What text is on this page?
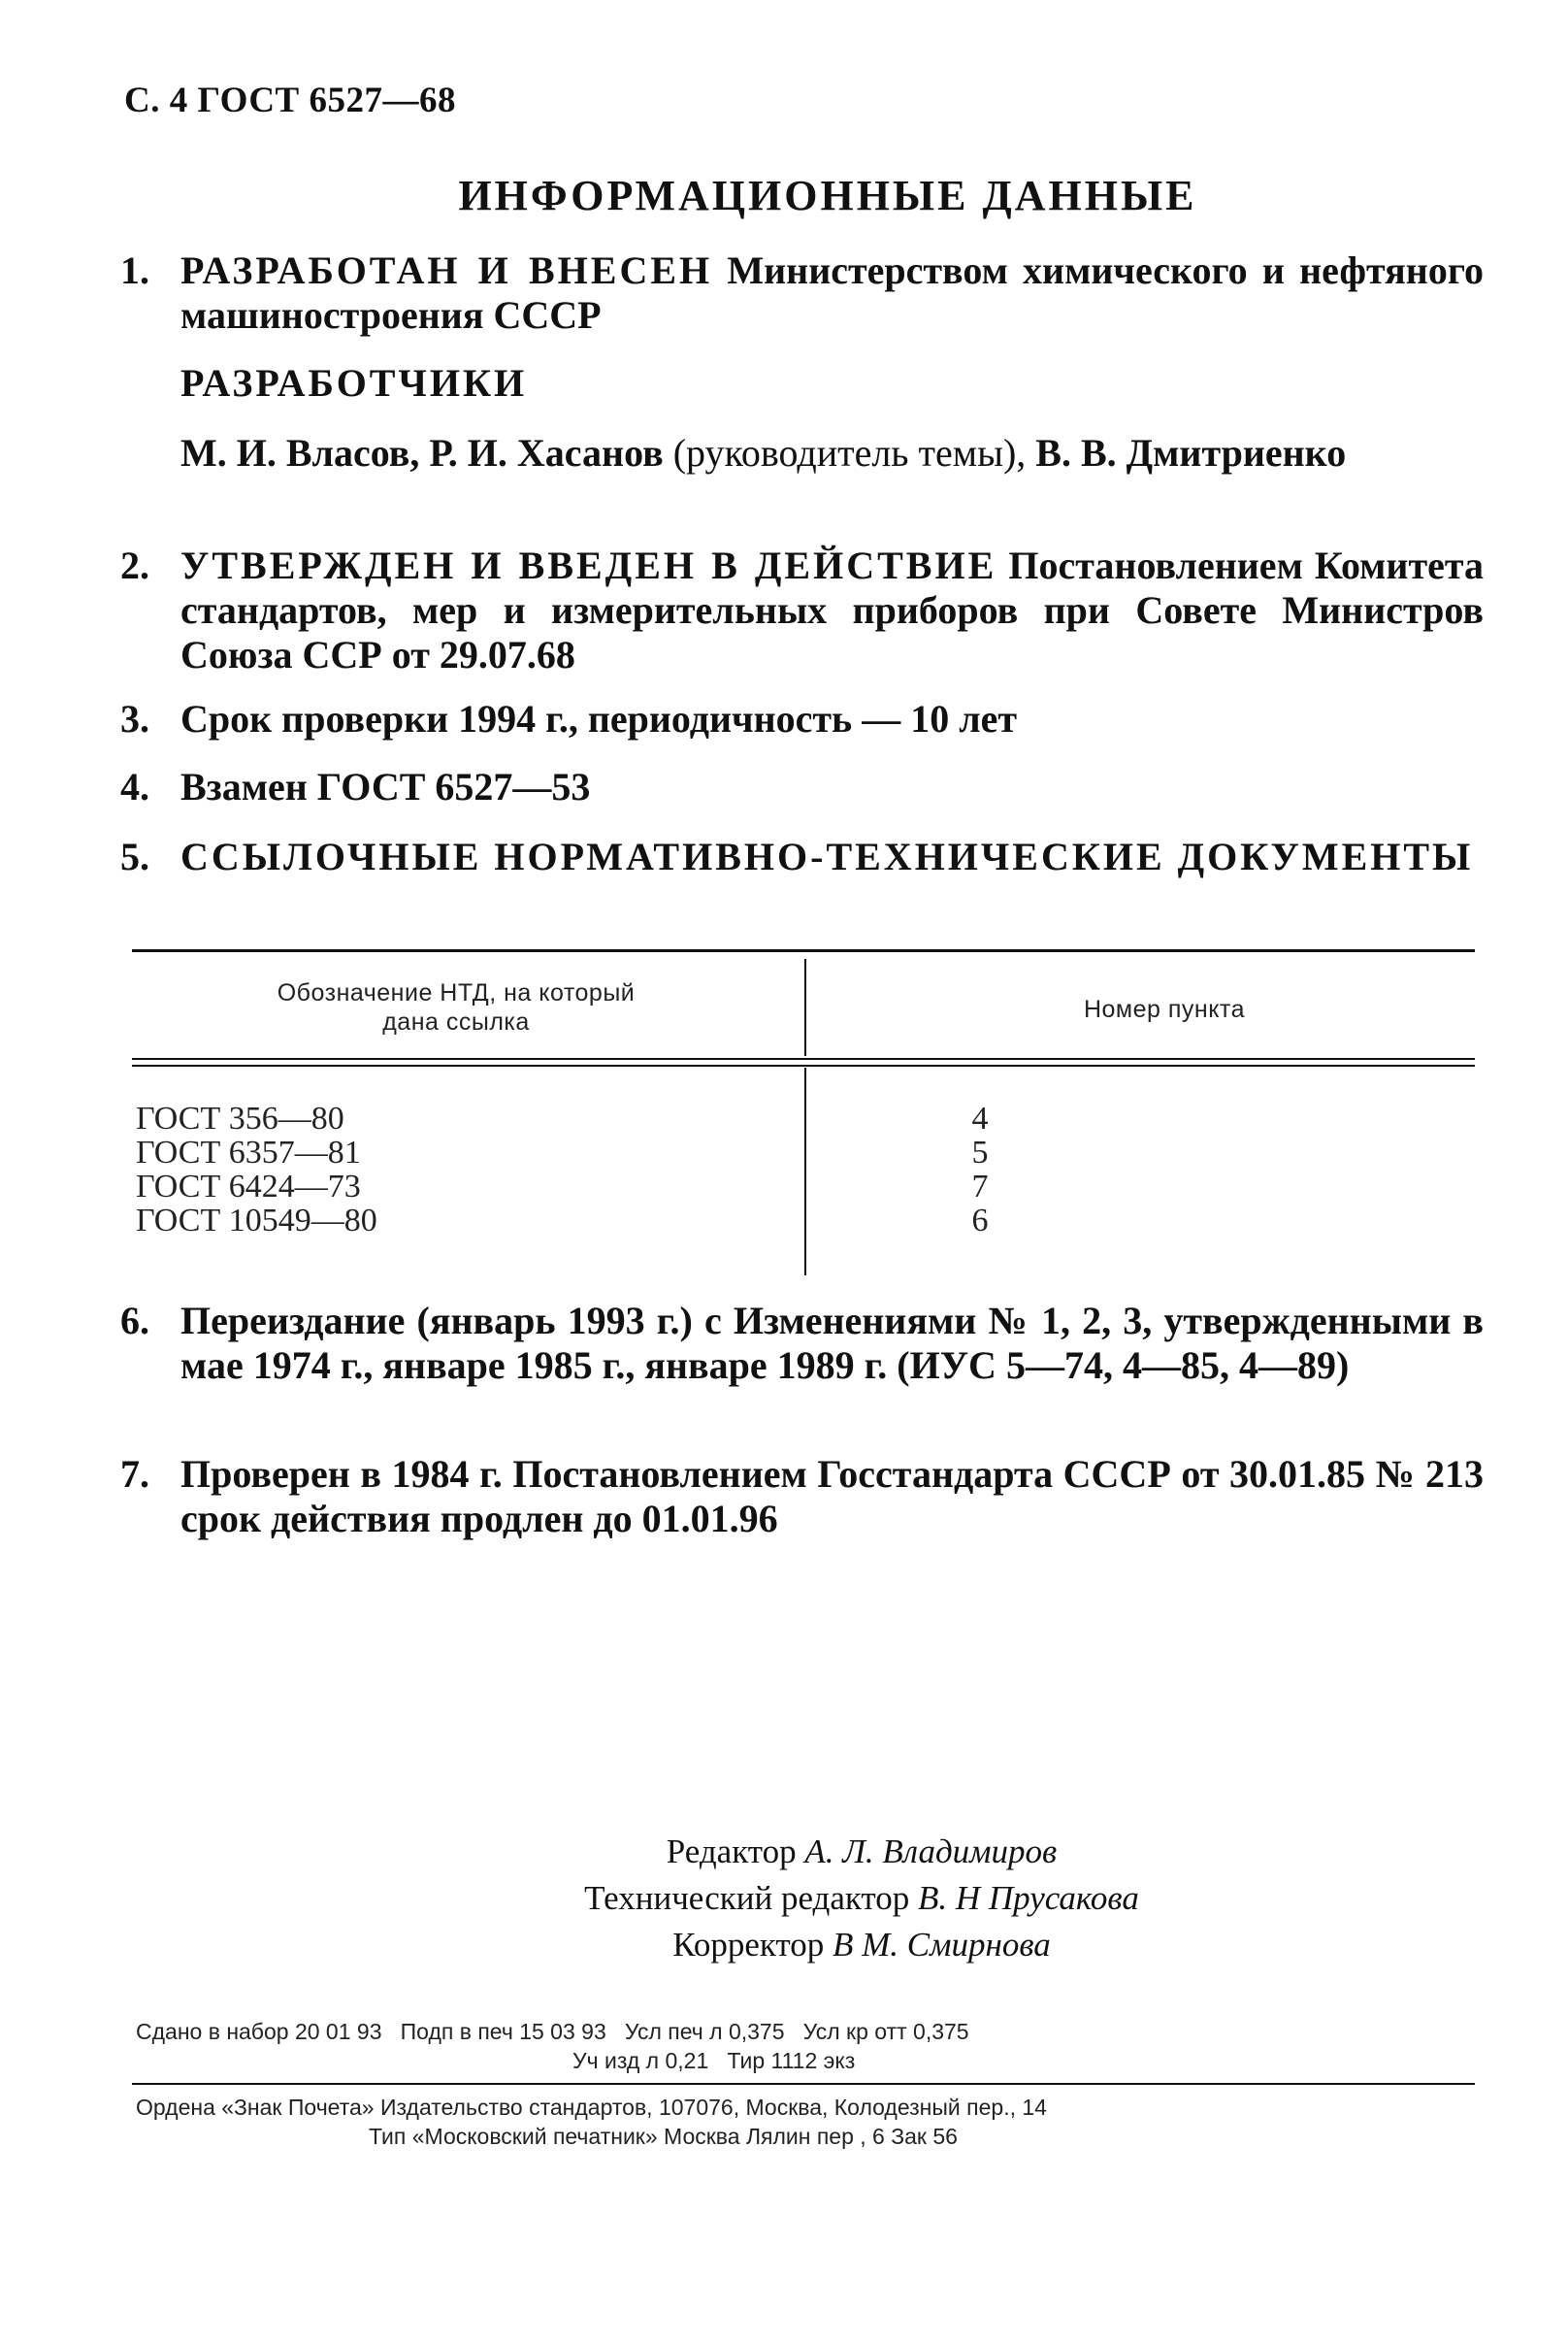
С. 4 ГОСТ 6527—68
ИНФОРМАЦИОННЫЕ ДАННЫЕ
1. РАЗРАБОТАН И ВНЕСЕН Министерством химического и нефтяного машиностроения СССР
РАЗРАБОТЧИКИ
М. И. Власов, Р. И. Хасанов (руководитель темы), В. В. Дмитриенко
2. УТВЕРЖДЕН И ВВЕДЕН В ДЕЙСТВИЕ Постановлением Комитета стандартов, мер и измерительных приборов при Совете Министров Союза ССР от 29.07.68
3. Срок проверки 1994 г., периодичность — 10 лет
4. Взамен ГОСТ 6527—53
5. ССЫЛОЧНЫЕ НОРМАТИВНО-ТЕХНИЧЕСКИЕ ДОКУМЕНТЫ
Обозначение НТД, на который
дана ссылка	Номер пункта
ГОСТ 356—80	4
ГОСТ 6357—81	5
ГОСТ 6424—73	7
ГОСТ 10549—80	6
6. Переиздание (январь 1993 г.) с Изменениями № 1, 2, 3, утвержденными в мае 1974 г., январе 1985 г., январе 1989 г. (ИУС 5—74, 4—85, 4—89)
7. Проверен в 1984 г. Постановлением Госстандарта СССР от 30.01.85 № 213 срок действия продлен до 01.01.96
Редактор А. Л. Владимиров
Технический редактор В. Н Прусакова
Корректор В М. Смирнова
Сдано в набор 20 01 93   Подп в печ 15 03 93   Усл печ л 0,375   Усл кр отт 0,375
Уч изд л 0,21   Тир 1112 экз
Ордена «Знак Почета» Издательство стандартов, 107076, Москва, Колодезный пер., 14
Тип «Московский печатник» Москва Лялин пер , 6 Зак 56
